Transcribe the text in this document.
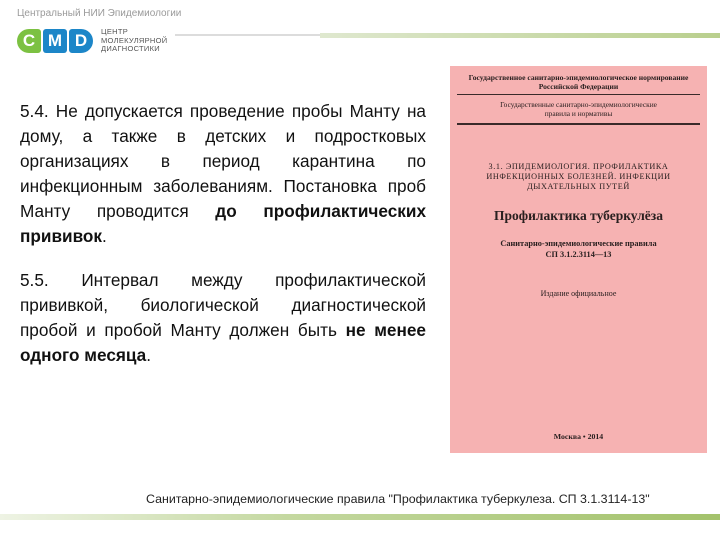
Центральный НИИ Эпидемиологии
C M D	ЦЕНТР
МОЛЕКУЛЯРНОЙ
ДИАГНОСТИКИ

5.4. Не допускается проведение пробы Манту на дому, а также в детских и подростковых организациях в период карантина по инфекционным заболеваниям. Постановка проб Манту проводится до профилактических прививок.

5.5. Интервал между профилактической прививкой, биологической диагностической пробой и пробой Манту должен быть не менее одного месяца.

Государственное санитарно-эпидемиологическое нормирование
Российской Федерации
Государственные санитарно-эпидемиологические
правила и нормативы
3.1. ЭПИДЕМИОЛОГИЯ. ПРОФИЛАКТИКА
ИНФЕКЦИОННЫХ БОЛЕЗНЕЙ. ИНФЕКЦИИ
ДЫХАТЕЛЬНЫХ ПУТЕЙ
Профилактика туберкулёза
Санитарно-эпидемиологические правила
СП 3.1.2.3114—13
Издание официальное
Москва • 2014
Санитарно-эпидемиологические правила "Профилактика туберкулеза. СП 3.1.3114-13"
